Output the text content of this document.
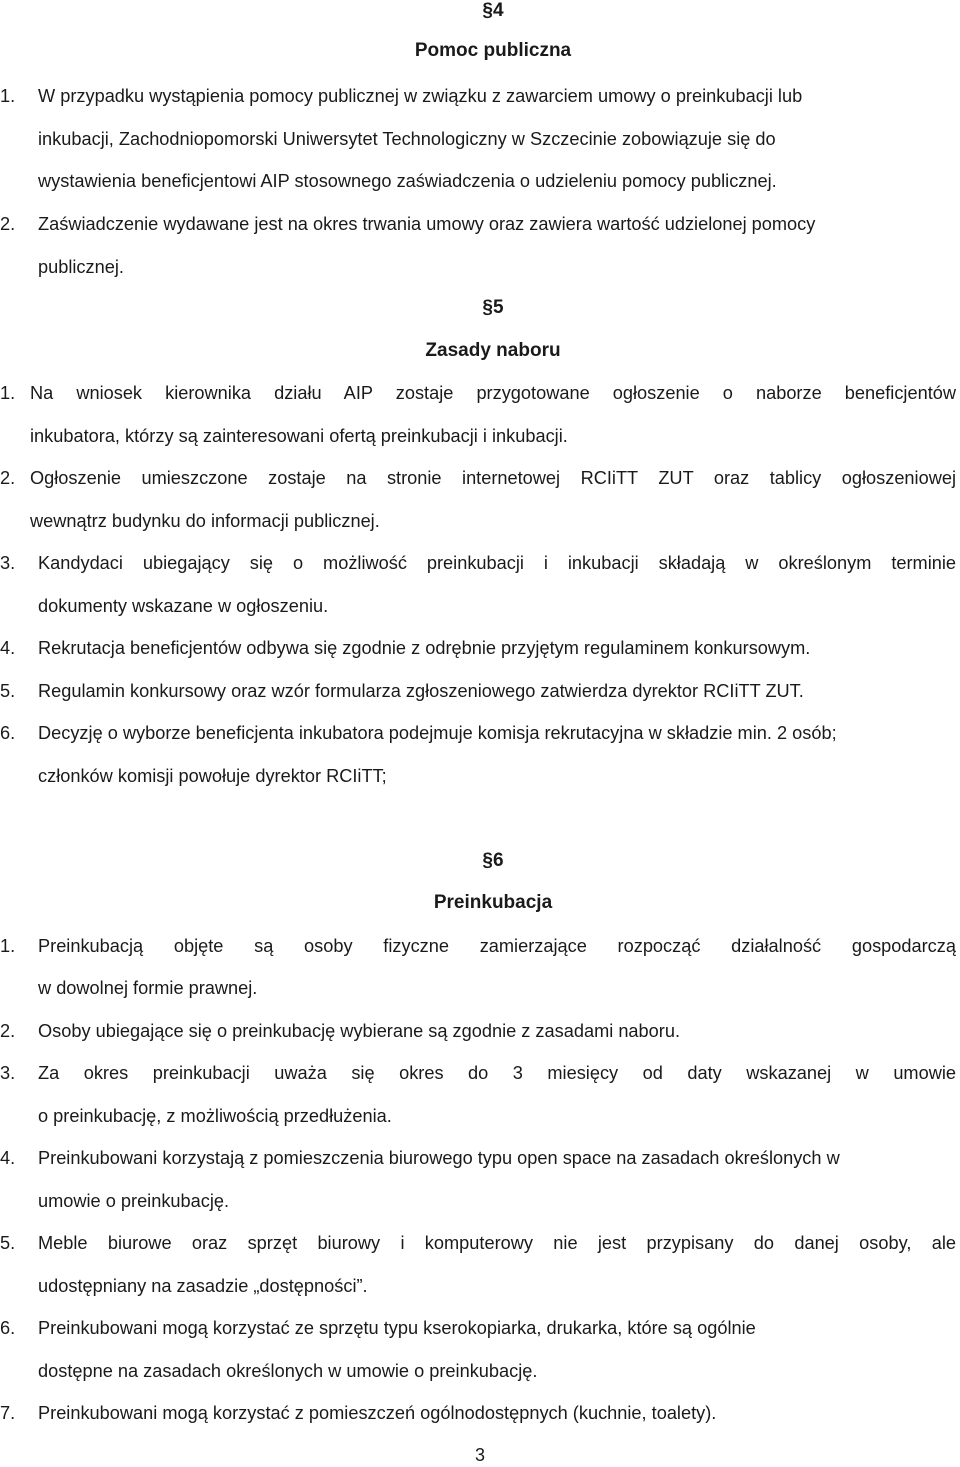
§4
Pomoc publiczna
1. W przypadku wystąpienia pomocy publicznej w związku z zawarciem umowy o preinkubacji lub
inkubacji, Zachodniopomorski Uniwersytet Technologiczny w Szczecinie zobowiązuje się do
wystawienia beneficjentowi AIP stosownego zaświadczenia o udzieleniu pomocy publicznej.
2. Zaświadczenie wydawane jest na okres trwania umowy oraz zawiera wartość udzielonej pomocy
publicznej.
§5
Zasady naboru
1. Na wniosek kierownika działu AIP zostaje przygotowane ogłoszenie o naborze beneficjentów
inkubatora, którzy są zainteresowani ofertą preinkubacji i inkubacji.
2. Ogłoszenie umieszczone zostaje na stronie internetowej RCIiTT ZUT oraz tablicy ogłoszeniowej
wewnątrz budynku do informacji publicznej.
3. Kandydaci ubiegający się o możliwość preinkubacji i inkubacji składają w określonym terminie
dokumenty wskazane w ogłoszeniu.
4. Rekrutacja beneficjentów odbywa się zgodnie z odrębnie przyjętym regulaminem konkursowym.
5. Regulamin konkursowy oraz wzór formularza zgłoszeniowego zatwierdza dyrektor RCIiTT ZUT.
6. Decyzję o wyborze beneficjenta inkubatora podejmuje komisja rekrutacyjna w składzie min. 2 osób;
członków komisji powołuje dyrektor RCIiTT;
§6
Preinkubacja
1. Preinkubacją objęte są osoby fizyczne zamierzające rozpocząć działalność gospodarczą
w dowolnej formie prawnej.
2. Osoby ubiegające się o preinkubację wybierane są zgodnie z zasadami naboru.
3. Za okres preinkubacji uważa się okres do 3 miesięcy od daty wskazanej w umowie
o preinkubację, z możliwością przedłużenia.
4. Preinkubowani korzystają z pomieszczenia biurowego typu open space na zasadach określonych w
umowie o preinkubację.
5. Meble biurowe oraz sprzęt biurowy i komputerowy nie jest przypisany do danej osoby, ale
udostępniany na zasadzie „dostępności”.
6. Preinkubowani mogą korzystać ze sprzętu typu kserokopiarka, drukarka, które są ogólnie
dostępne na zasadach określonych w umowie o preinkubację.
7. Preinkubowani mogą korzystać z pomieszczeń ogólnodostępnych (kuchnie, toalety).
3
